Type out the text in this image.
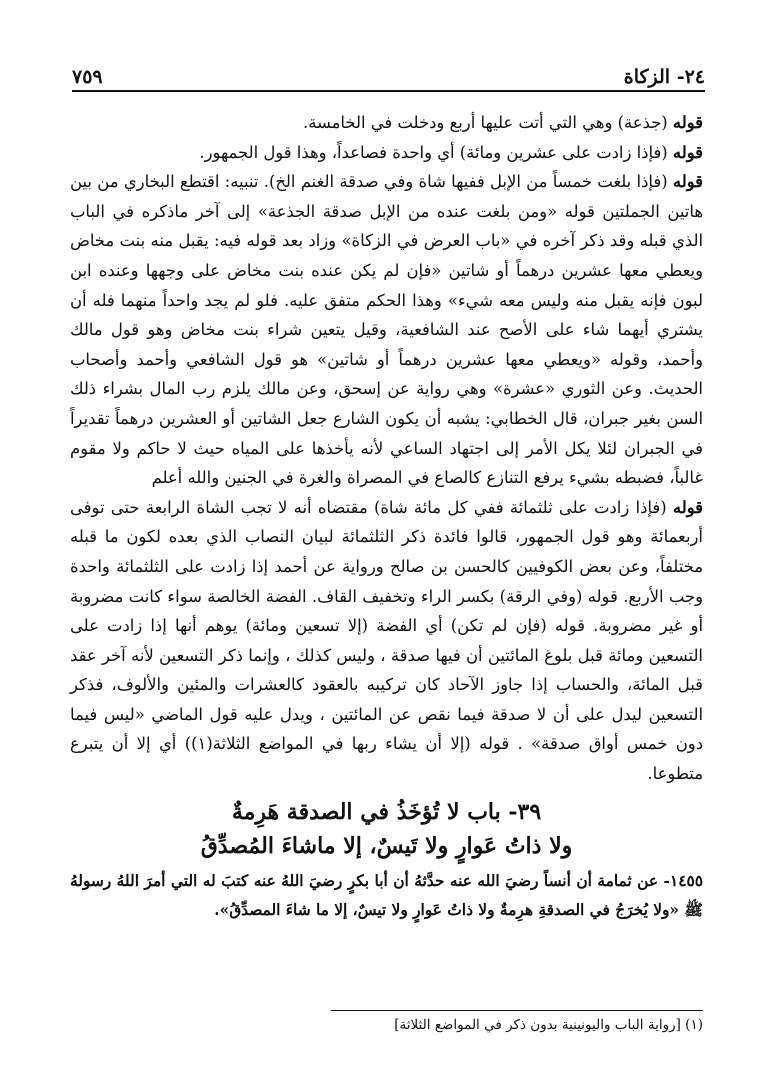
٢٤- الزكاة
٧٥٩

قوله (جذعة) وهي التي أتت عليها أربع ودخلت في الخامسة.

قوله (فإذا زادت على عشرين ومائة) أي واحدة فصاعداً، وهذا قول الجمهور.

قوله (فإذا بلغت خمساً من الإبل ففيها شاة وفي صدقة الغنم الخ). تنبيه: اقتطع البخاري من بين هاتين الجملتين قوله «ومن بلغت عنده من الإبل صدقة الجذعة» إلى آخر ماذكره في الباب الذي قبله وقد ذكر آخره في «باب العرض في الزكاة» وزاد بعد قوله فيه: يقبل منه بنت مخاض ويعطي معها عشرين درهماً أو شاتين «فإن لم يكن عنده بنت مخاض على وجهها وعنده ابن لبون فإنه يقبل منه وليس معه شيء» وهذا الحكم متفق عليه. فلو لم يجد واحداً منهما فله أن يشتري أيهما شاء على الأصح عند الشافعية، وقيل يتعين شراء بنت مخاض وهو قول مالك وأحمد، وقوله «ويعطي معها عشرين درهماً أو شاتين» هو قول الشافعي وأحمد وأصحاب الحديث. وعن الثوري «عشرة» وهي رواية عن إسحق، وعن مالك يلزم رب المال بشراء ذلك السن بغير جبران، قال الخطابي: يشبه أن يكون الشارع جعل الشاتين أو العشرين درهماً تقديراً في الجبران لئلا يكل الأمر إلى اجتهاد الساعي لأنه يأخذها على المياه حيث لا حاكم ولا مقوم غالباً، فضبطه بشيء يرفع التنازع كالصاع في المصراة والغرة في الجنين والله أعلم

قوله (فإذا زادت على ثلثمائة ففي كل مائة شاة) مقتضاه أنه لا تجب الشاة الرابعة حتى توفى أربعمائة وهو قول الجمهور، قالوا فائدة ذكر الثلثمائة لبيان النصاب الذي بعده لكون ما قبله مختلفاً، وعن بعض الكوفيين كالحسن بن صالح ورواية عن أحمد إذا زادت على الثلثمائة واحدة وجب الأربع. قوله (وفي الرقة) بكسر الراء وتخفيف القاف. الفضة الخالصة سواء كانت مضروبة أو غير مضروبة. قوله (فإن لم تكن) أي الفضة (إلا تسعين ومائة) يوهم أنها إذا زادت على التسعين ومائة قبل بلوغ المائتين أن فيها صدقة ، وليس كذلك ، وإنما ذكر التسعين لأنه آخر عقد قبل المائة، والحساب إذا جاوز الآحاد كان تركيبه بالعقود كالعشرات والمئين والألوف، فذكر التسعين ليدل على أن لا صدقة فيما نقص عن المائتين ، ويدل عليه قول الماضي «ليس فيما دون خمس أواق صدقة» . قوله (إلا أن يشاء ربها في المواضع الثلاثة(١)) أي إلا أن يتبرع متطوعا.

٣٩- باب لا تُؤخَذُ في الصدقة هَرِمةٌ
ولا ذاتُ عَوارٍ ولا تَيسٌ، إلا ماشاءَ المُصدِّقُ

١٤٥٥- عن ثمامة أن أنساً رضيَ الله عنه حدَّثهُ أن أبا بكرٍ رضيَ اللهُ عنه كتبَ له التي أمرَ اللهُ رسولهُ ﷺ «ولا يُخرَجُ في الصدقةِ هرِمةٌ ولا ذاتُ عَوارٍ ولا تيسٌ، إلا ما شاءَ المصدِّقُ».

(١) [رواية الباب واليونينية بدون ذكر في المواضع الثلاثة]
